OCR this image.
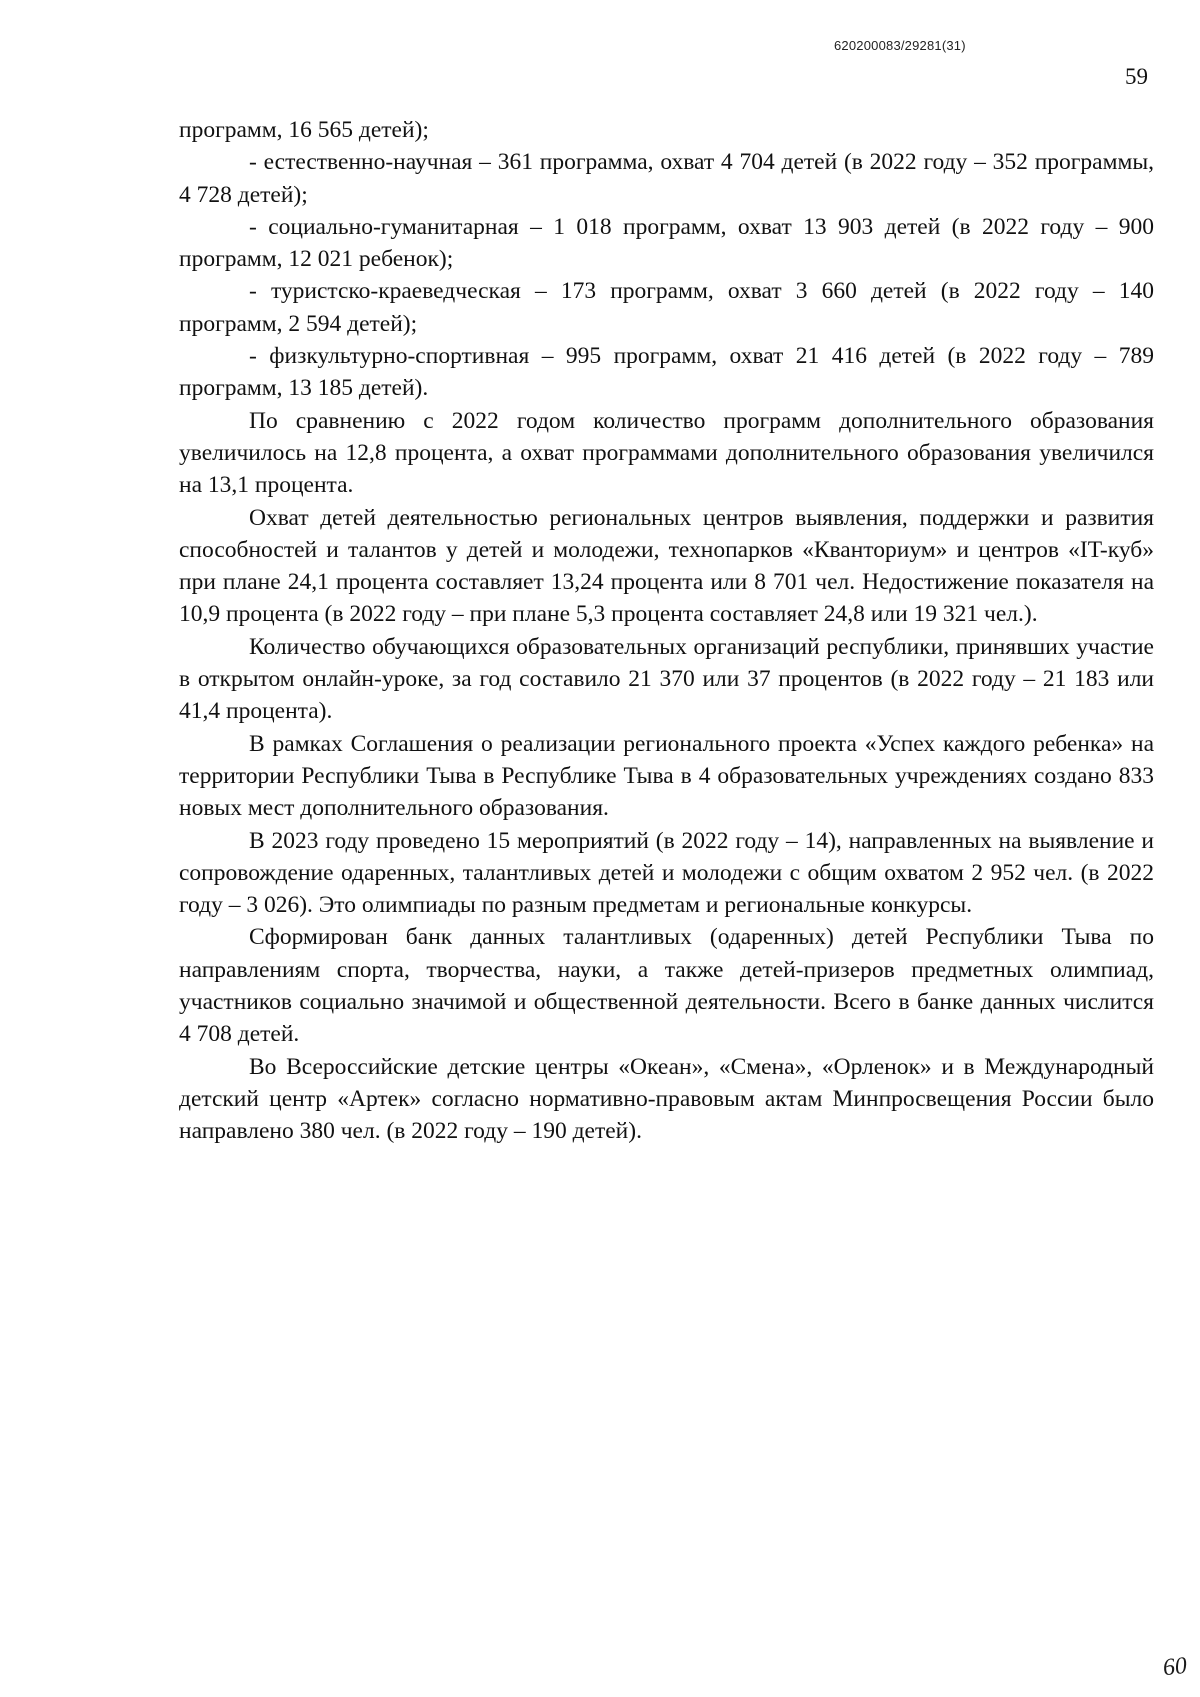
620200083/29281(31)
59

программ, 16 565 детей);

- естественно-научная – 361 программа, охват 4 704 детей (в 2022 году – 352 программы, 4 728 детей);

- социально-гуманитарная – 1 018 программ, охват 13 903 детей (в 2022 году – 900 программ, 12 021 ребенок);

- туристско-краеведческая – 173 программ, охват 3 660 детей (в 2022 году – 140 программ, 2 594 детей);

- физкультурно-спортивная – 995 программ, охват 21 416 детей (в 2022 году – 789 программ, 13 185 детей).

По сравнению с 2022 годом количество программ дополнительного образования увеличилось на 12,8 процента, а охват программами дополнительного образования увеличился на 13,1 процента.

Охват детей деятельностью региональных центров выявления, поддержки и развития способностей и талантов у детей и молодежи, технопарков «Кванториум» и центров «IT-куб» при плане 24,1 процента составляет 13,24 процента или 8 701 чел. Недостижение показателя на 10,9 процента (в 2022 году – при плане 5,3 процента составляет 24,8 или 19 321 чел.).

Количество обучающихся образовательных организаций республики, принявших участие в открытом онлайн-уроке, за год составило 21 370 или 37 процентов (в 2022 году – 21 183 или 41,4 процента).

В рамках Соглашения о реализации регионального проекта «Успех каждого ребенка» на территории Республики Тыва в Республике Тыва в 4 образовательных учреждениях создано 833 новых мест дополнительного образования.

В 2023 году проведено 15 мероприятий (в 2022 году – 14), направленных на выявление и сопровождение одаренных, талантливых детей и молодежи с общим охватом 2 952 чел. (в 2022 году – 3 026). Это олимпиады по разным предметам и региональные конкурсы.

Сформирован банк данных талантливых (одаренных) детей Республики Тыва по направлениям спорта, творчества, науки, а также детей-призеров предметных олимпиад, участников социально значимой и общественной деятельности. Всего в банке данных числится 4 708 детей.

Во Всероссийские детские центры «Океан», «Смена», «Орленок» и в Международный детский центр «Артек» согласно нормативно-правовым актам Минпросвещения России было направлено 380 чел. (в 2022 году – 190 детей).

60
